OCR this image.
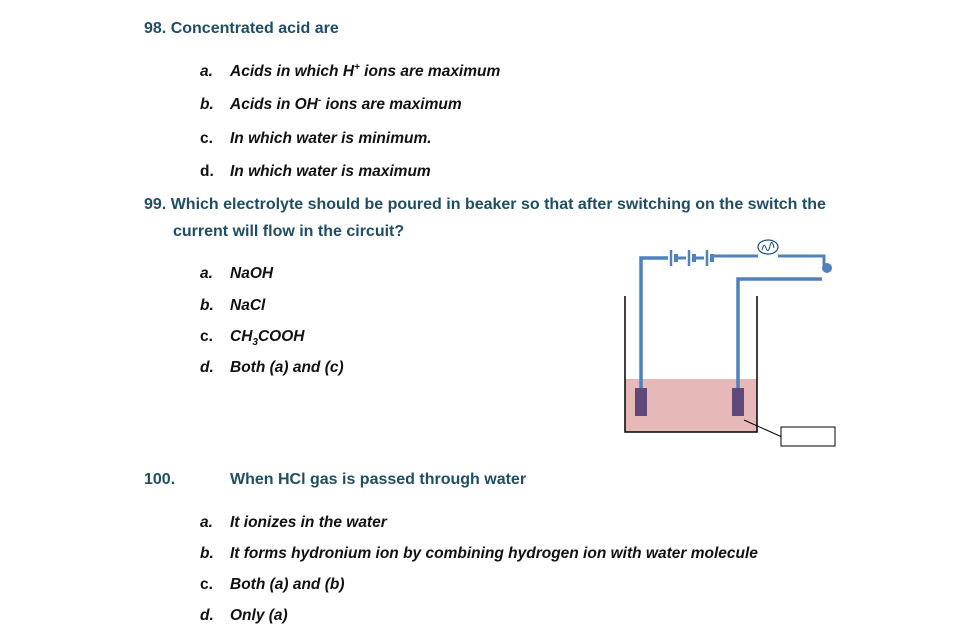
98. Concentrated acid are
a. Acids in which H+ ions are maximum
b. Acids in OH- ions are maximum
c. In which water is minimum.
d. In which water is maximum
99. Which electrolyte should be poured in beaker so that after switching on the switch the
current will flow in the circuit?
a. NaOH
b. NaCl
c. $CH_3COOH$
d. Both (a) and (c)
100.	When HCl gas is passed through water
a. It ionizes in the water
b. It forms hydronium ion by combining hydrogen ion with water molecule
c. Both (a) and (b)
d. Only (a)
